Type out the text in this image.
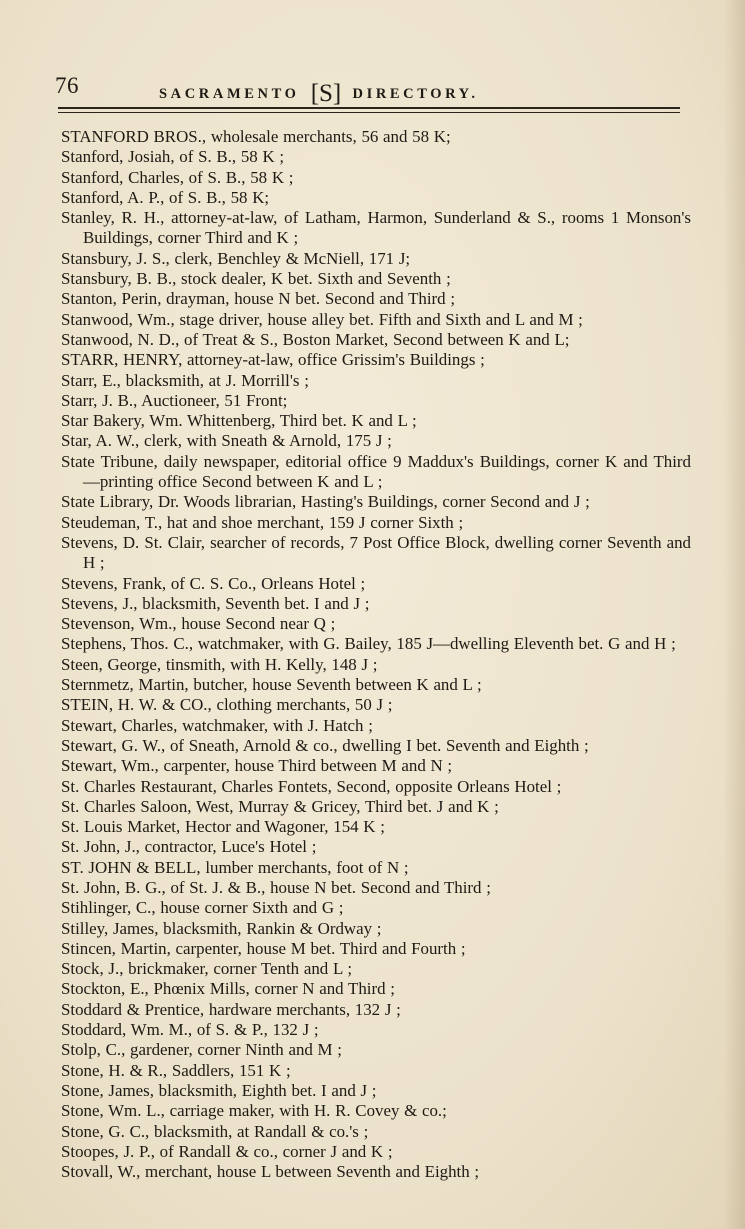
76	SACRAMENTO [S] DIRECTORY.
STANFORD BROS., wholesale merchants, 56 and 58 K;
Stanford, Josiah, of S. B., 58 K ;
Stanford, Charles, of S. B., 58 K ;
Stanford, A. P., of S. B., 58 K;
Stanley, R. H., attorney-at-law, of Latham, Harmon, Sunderland & S., rooms 1 Monson's Buildings, corner Third and K ;
Stansbury, J. S., clerk, Benchley & McNiell, 171 J;
Stansbury, B. B., stock dealer, K bet. Sixth and Seventh ;
Stanton, Perin, drayman, house N bet. Second and Third ;
Stanwood, Wm., stage driver, house alley bet. Fifth and Sixth and L and M ;
Stanwood, N. D., of Treat & S., Boston Market, Second between K and L;
STARR, HENRY, attorney-at-law, office Grissim's Buildings ;
Starr, E., blacksmith, at J. Morrill's ;
Starr, J. B., Auctioneer, 51 Front;
Star Bakery, Wm. Whittenberg, Third bet. K and L ;
Star, A. W., clerk, with Sneath & Arnold, 175 J ;
State Tribune, daily newspaper, editorial office 9 Maddux's Buildings, corner K and Third—printing office Second between K and L ;
State Library, Dr. Woods librarian, Hasting's Buildings, corner Second and J ;
Steudeman, T., hat and shoe merchant, 159 J corner Sixth ;
Stevens, D. St. Clair, searcher of records, 7 Post Office Block, dwelling corner Seventh and H ;
Stevens, Frank, of C. S. Co., Orleans Hotel ;
Stevens, J., blacksmith, Seventh bet. I and J ;
Stevenson, Wm., house Second near Q ;
Stephens, Thos. C., watchmaker, with G. Bailey, 185 J—dwelling Eleventh bet. G and H ;
Steen, George, tinsmith, with H. Kelly, 148 J ;
Sternmetz, Martin, butcher, house Seventh between K and L ;
STEIN, H. W. & CO., clothing merchants, 50 J ;
Stewart, Charles, watchmaker, with J. Hatch ;
Stewart, G. W., of Sneath, Arnold & co., dwelling I bet. Seventh and Eighth ;
Stewart, Wm., carpenter, house Third between M and N ;
St. Charles Restaurant, Charles Fontets, Second, opposite Orleans Hotel ;
St. Charles Saloon, West, Murray & Gricey, Third bet. J and K ;
St. Louis Market, Hector and Wagoner, 154 K ;
St. John, J., contractor, Luce's Hotel ;
ST. JOHN & BELL, lumber merchants, foot of N ;
St. John, B. G., of St. J. & B., house N bet. Second and Third ;
Stihlinger, C., house corner Sixth and G ;
Stilley, James, blacksmith, Rankin & Ordway ;
Stincen, Martin, carpenter, house M bet. Third and Fourth ;
Stock, J., brickmaker, corner Tenth and L ;
Stockton, E., Phœnix Mills, corner N and Third ;
Stoddard & Prentice, hardware merchants, 132 J ;
Stoddard, Wm. M., of S. & P., 132 J ;
Stolp, C., gardener, corner Ninth and M ;
Stone, H. & R., Saddlers, 151 K ;
Stone, James, blacksmith, Eighth bet. I and J ;
Stone, Wm. L., carriage maker, with H. R. Covey & co.;
Stone, G. C., blacksmith, at Randall & co.'s ;
Stoopes, J. P., of Randall & co., corner J and K ;
Stovall, W., merchant, house L between Seventh and Eighth ;
